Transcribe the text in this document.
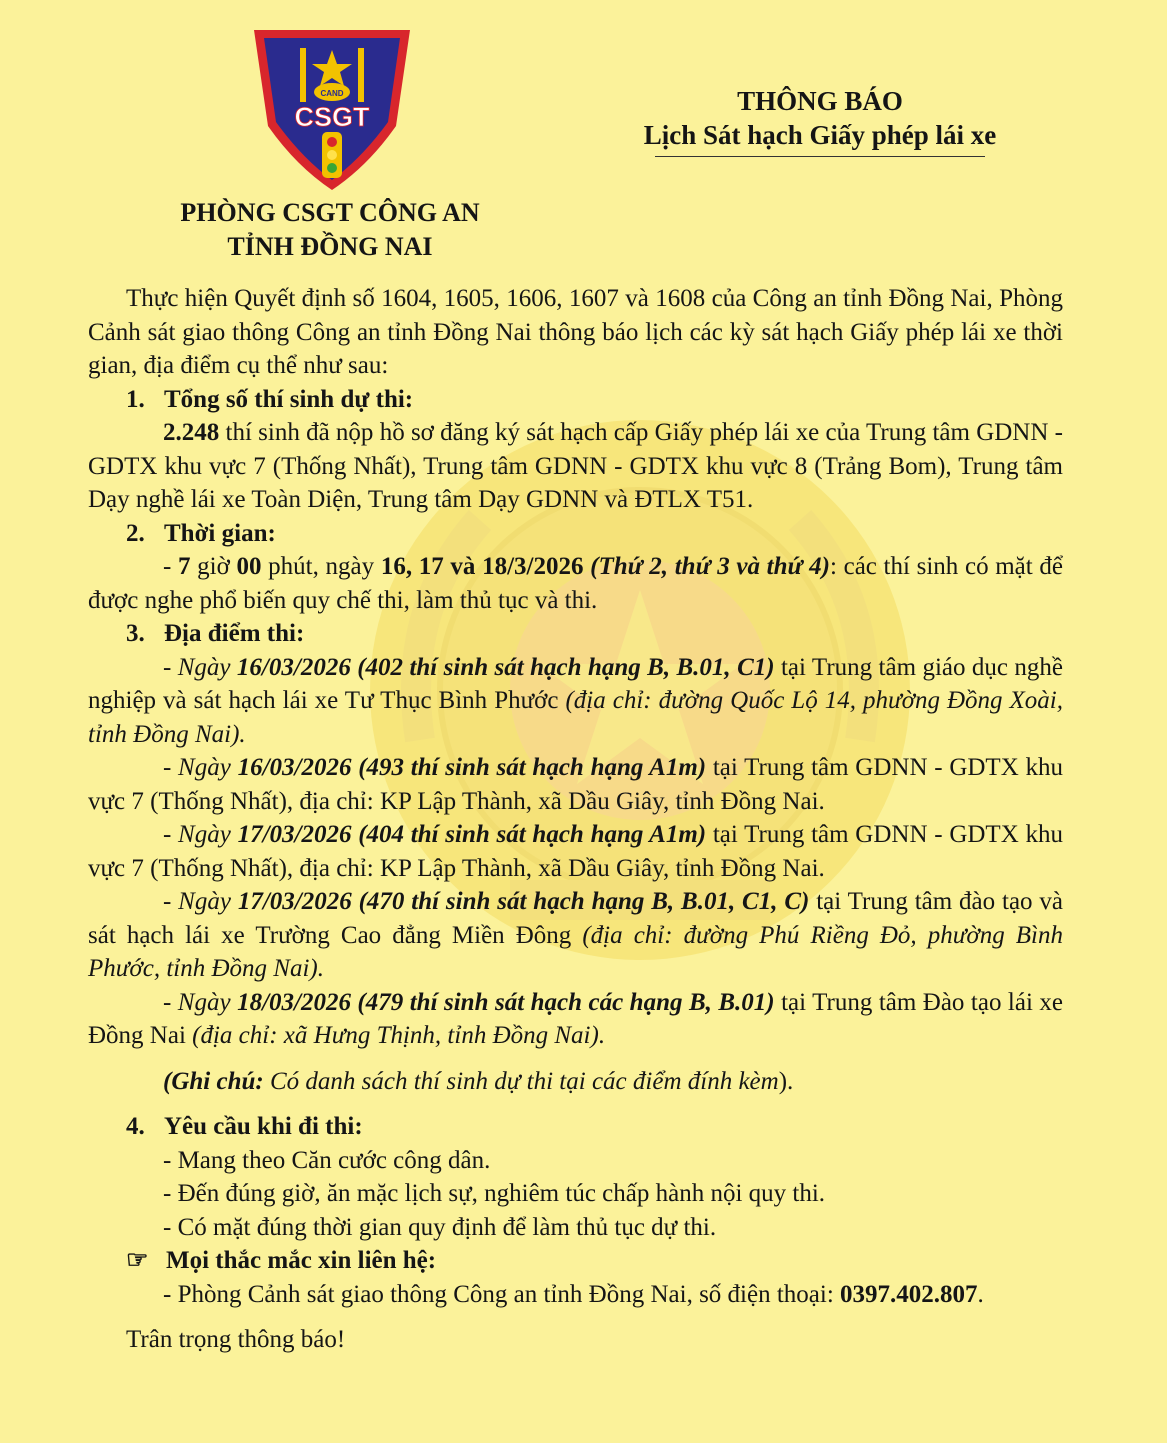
CAND
CSGT
PHÒNG CSGT CÔNG AN
TỈNH ĐỒNG NAI
THÔNG BÁO
Lịch Sát hạch Giấy phép lái xe

Thực hiện Quyết định số 1604, 1605, 1606, 1607 và 1608 của Công an tỉnh Đồng Nai, Phòng Cảnh sát giao thông Công an tỉnh Đồng Nai thông báo lịch các kỳ sát hạch Giấy phép lái xe thời gian, địa điểm cụ thể như sau:

1. Tổng số thí sinh dự thi:

2.248 thí sinh đã nộp hồ sơ đăng ký sát hạch cấp Giấy phép lái xe của Trung tâm GDNN - GDTX khu vực 7 (Thống Nhất), Trung tâm GDNN - GDTX khu vực 8 (Trảng Bom), Trung tâm Dạy nghề lái xe Toàn Diện, Trung tâm Dạy GDNN và ĐTLX T51.

2. Thời gian:

- 7 giờ 00 phút, ngày 16, 17 và 18/3/2026 (Thứ 2, thứ 3 và thứ 4): các thí sinh có mặt để được nghe phổ biến quy chế thi, làm thủ tục và thi.

3. Địa điểm thi:

- Ngày 16/03/2026 (402 thí sinh sát hạch hạng B, B.01, C1) tại Trung tâm giáo dục nghề nghiệp và sát hạch lái xe Tư Thục Bình Phước (địa chỉ: đường Quốc Lộ 14, phường Đồng Xoài, tỉnh Đồng Nai).

- Ngày 16/03/2026 (493 thí sinh sát hạch hạng A1m) tại Trung tâm GDNN - GDTX khu vực 7 (Thống Nhất), địa chỉ: KP Lập Thành, xã Dầu Giây, tỉnh Đồng Nai.

- Ngày 17/03/2026 (404 thí sinh sát hạch hạng A1m) tại Trung tâm GDNN - GDTX khu vực 7 (Thống Nhất), địa chỉ: KP Lập Thành, xã Dầu Giây, tỉnh Đồng Nai.

- Ngày 17/03/2026 (470 thí sinh sát hạch hạng B, B.01, C1, C) tại Trung tâm đào tạo và sát hạch lái xe Trường Cao đẳng Miền Đông (địa chỉ: đường Phú Riềng Đỏ, phường Bình Phước, tỉnh Đồng Nai).

- Ngày 18/03/2026 (479 thí sinh sát hạch các hạng B, B.01) tại Trung tâm Đào tạo lái xe Đồng Nai (địa chỉ: xã Hưng Thịnh, tỉnh Đồng Nai).

(Ghi chú: Có danh sách thí sinh dự thi tại các điểm đính kèm).

4. Yêu cầu khi đi thi:

- Mang theo Căn cước công dân.

- Đến đúng giờ, ăn mặc lịch sự, nghiêm túc chấp hành nội quy thi.

- Có mặt đúng thời gian quy định để làm thủ tục dự thi.

☞ Mọi thắc mắc xin liên hệ:

- Phòng Cảnh sát giao thông Công an tỉnh Đồng Nai, số điện thoại: 0397.402.807.

Trân trọng thông báo!
